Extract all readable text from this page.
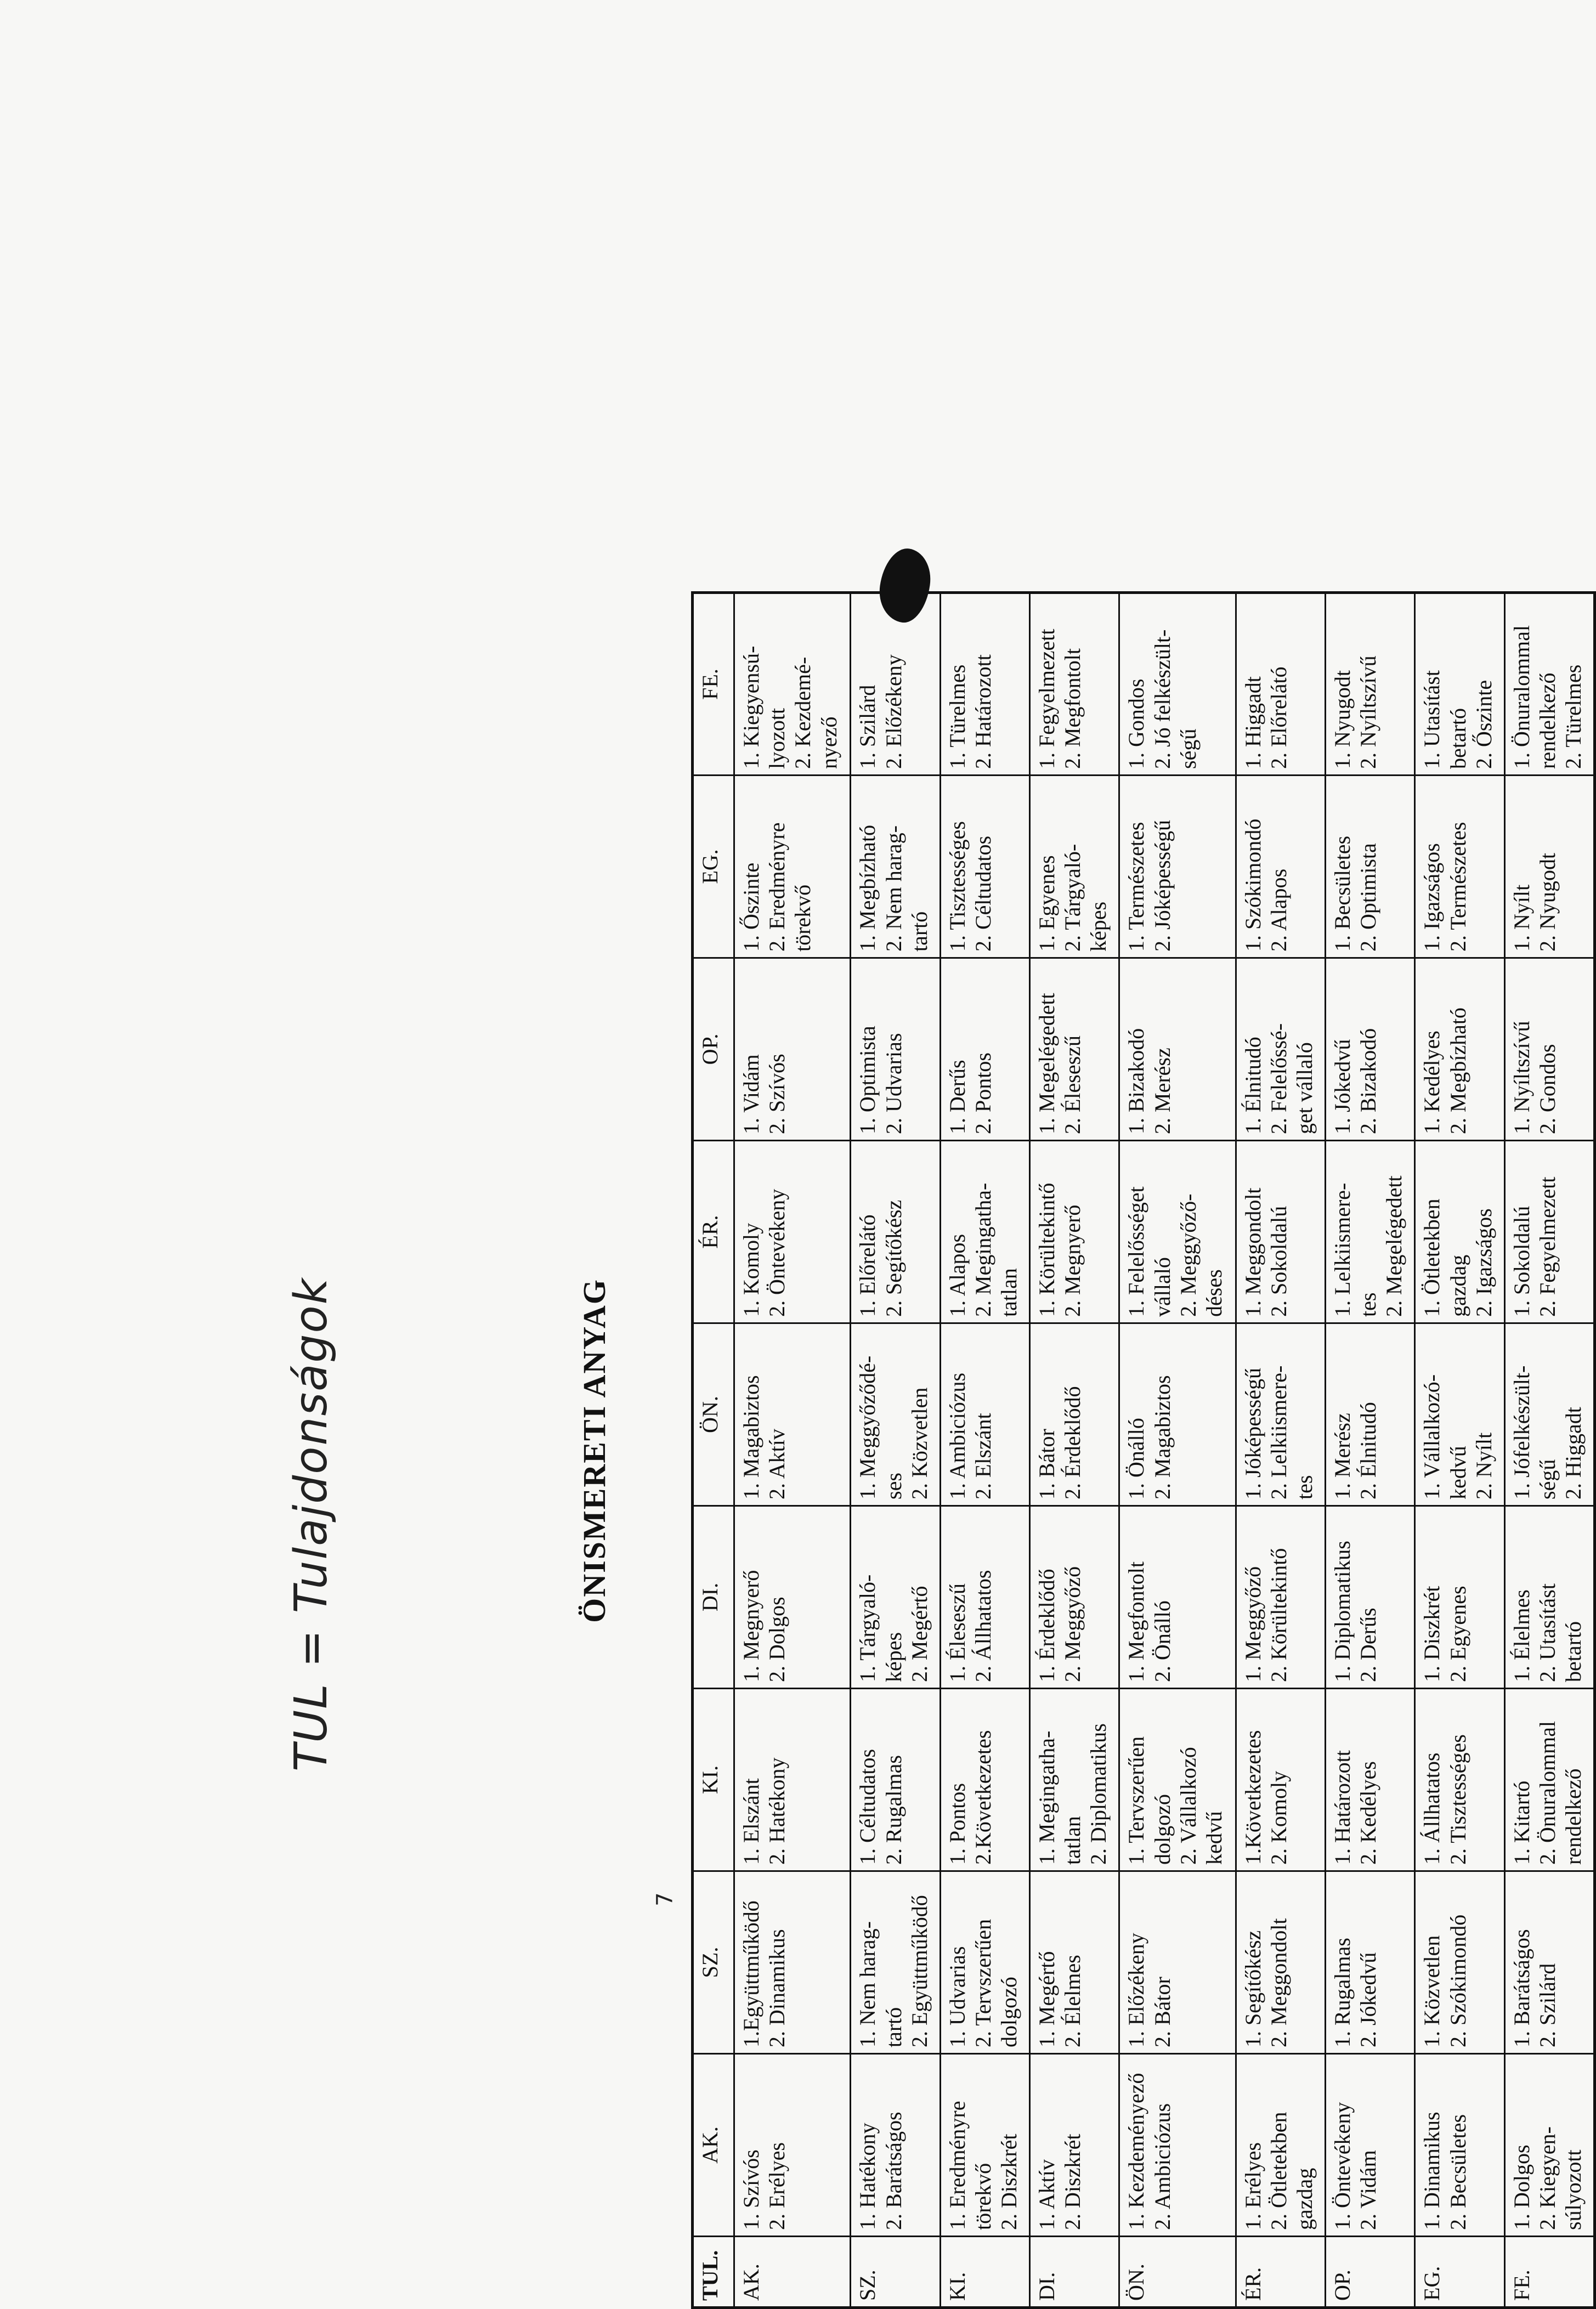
ÖNISMERETI ANYAG
TUL.	AK.	SZ.	KI.	DI.	ÖN.	ÉR.	OP.	EG.	FE.
AK.	1. Szívós 2. Erélyes	1.Együttműködő 2. Dinamikus	1. Elszánt 2. Hatékony	1. Megnyerő 2. Dolgos	1. Magabiztos 2. Aktív	1. Komoly 2. Öntevékeny	1. Vidám 2. Szívós	1. Őszinte 2. Eredményre törekvő	1. Kiegyensú- lyozott 2. Kezdemé- nyező

SZ.	1. Hatékony 2. Barátságos	1. Nem harag- tartó 2. Együttműködő	1. Céltudatos 2. Rugalmas	1. Tárgyaló- képes 2. Megértő	1. Meggyőződé- ses 2. Közvetlen	1. Előrelátó 2. Segítőkész	1. Optimista 2. Udvarias	1. Megbízható 2. Nem harag- tartó	1. Szilárd 2. Előzékeny

KI.	1. Eredményre törekvő 2. Diszkrét	1. Udvarias 2. Tervszerűen dolgozó	1. Pontos 2.Következetes	1. Éleseszű 2. Állhatatos	1. Ambiciózus 2. Elszánt	1. Alapos 2. Megingatha- tatlan	1. Derűs 2. Pontos	1. Tisztességes 2. Céltudatos	1. Türelmes 2. Határozott

DI.	1. Aktív 2. Diszkrét	1. Megértő 2. Élelmes	1. Megingatha- tatlan 2. Diplomatikus	1. Érdeklődő 2. Meggyőző	1. Bátor 2. Érdeklődő	1. Körültekintő 2. Megnyerő	1. Megelégedett 2. Éleseszű	1. Egyenes 2. Tárgyaló- képes	1. Fegyelmezett 2. Megfontolt

ÖN.	1. Kezdeményező 2. Ambiciózus	1. Előzékeny 2. Bátor	1. Tervszerűen dolgozó 2. Vállalkozó kedvű	1. Megfontolt 2. Önálló	1. Önálló 2. Magabiztos	1. Felelősséget vállaló 2. Meggyőző- déses	1. Bizakodó 2. Merész	1. Természetes 2. Jóképességű	1. Gondos 2. Jó felkészült- ségű

ÉR.	1. Erélyes 2. Ötletekben gazdag	1. Segítőkész 2. Meggondolt	1.Következetes 2. Komoly	1. Meggyőző 2. Körültekintő	1. Jóképességű 2. Lelkiismere- tes	1. Meggondolt 2. Sokoldalú	1. Élnitudó 2. Felelőssé- get vállaló	1. Szókimondó 2. Alapos	1. Higgadt 2. Előrelátó

OP.	1. Öntevékeny 2. Vidám	1. Rugalmas 2. Jókedvű	1. Határozott 2. Kedélyes	1. Diplomatikus 2. Derűs	1. Merész 2. Élnitudó	1. Lelkiismere- tes 2. Megelégedett	1. Jókedvű 2. Bizakodó	1. Becsületes 2. Optimista	1. Nyugodt 2. Nyíltszívű

EG.	1. Dinamikus 2. Becsületes	1. Közvetlen 2. Szókimondó	1. Állhatatos 2. Tisztességes	1. Diszkrét 2. Egyenes	1. Vállalkozó- kedvű 2. Nyílt	1. Ötletekben gazdag 2. Igazságos	1. Kedélyes 2. Megbízható	1. Igazságos 2. Természetes	1. Utasítást betartó 2. Őszinte

FE.	1. Dolgos 2. Kiegyen- súlyozott	1. Barátságos 2. Szilárd	1. Kitartó 2. Önuralommal rendelkező	1. Élelmes 2. Utasítást betartó	1. Jófelkészült- ségű 2. Higgadt	1. Sokoldalú 2. Fegyelmezett	1. Nyíltszívű 2. Gondos	1. Nyílt 2. Nyugodt	1. Önuralommal rendelkező 2. Türelmes
TUL = Tulajdonságok
7
